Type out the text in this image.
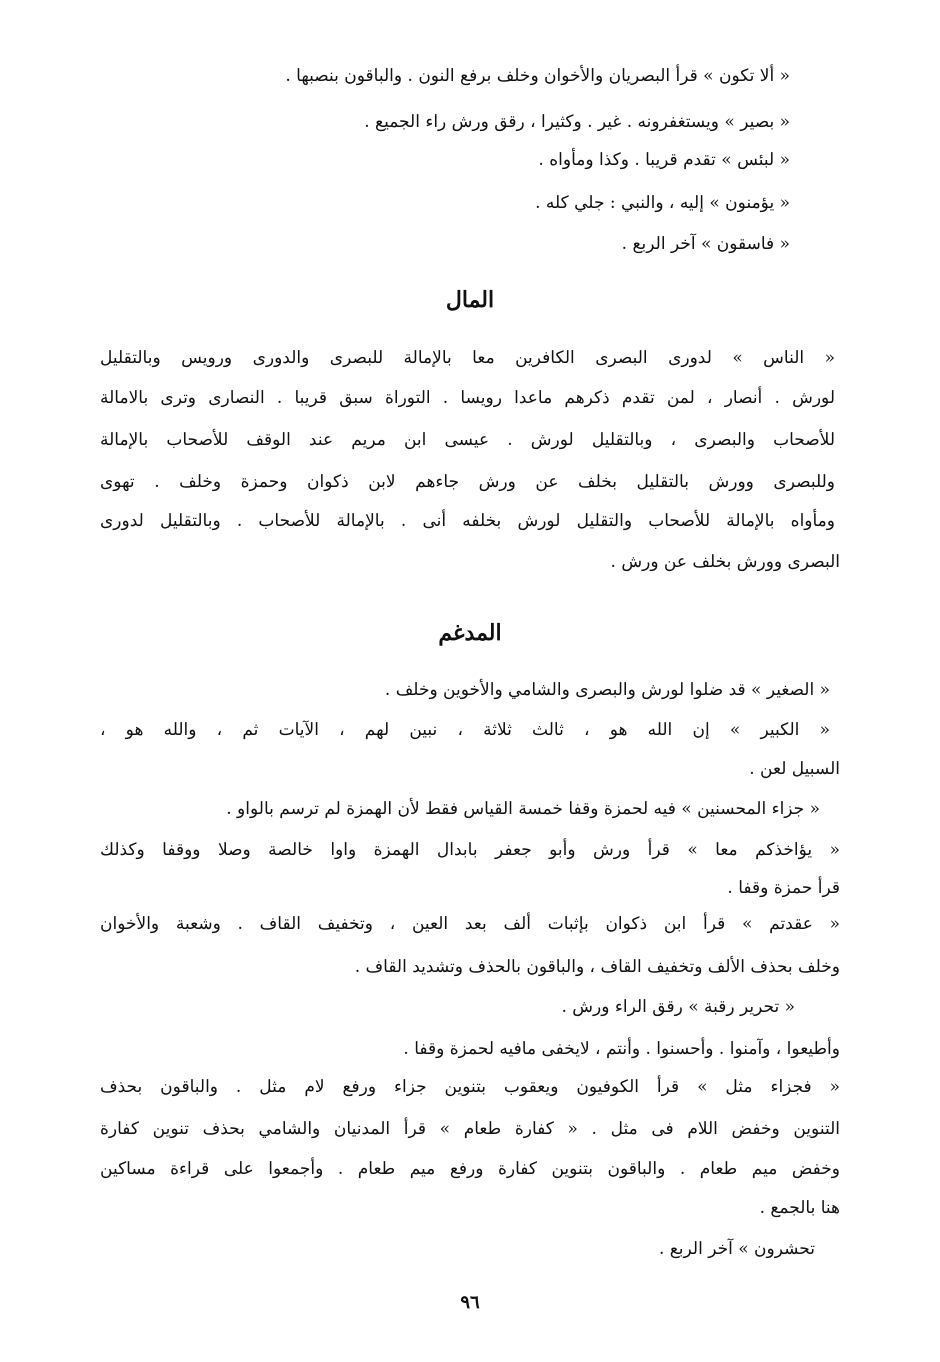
« ألا تكون » قرأ البصريان والأخوان وخلف برفع النون . والباقون بنصبها .
« بصير » ويستغفرونه . غير . وكثيرا ، رقق ورش راء الجميع .
« لبئس » تقدم قريبا . وكذا ومأواه .
« يؤمنون » إليه ، والنبي : جلي كله .
« فاسقون » آخر الربع .
المال
« الناس » لدورى البصرى الكافرين معا بالإمالة للبصرى والدورى ورويس وبالتقليل
لورش . أنصار ، لمن تقدم ذكرهم ماعدا رويسا . التوراة سبق قريبا . النصارى وترى بالامالة
للأصحاب والبصرى ، وبالتقليل لورش . عيسى ابن مريم عند الوقف للأصحاب بالإمالة
وللبصرى وورش بالتقليل بخلف عن ورش جاءهم لابن ذكوان وحمزة وخلف . تهوى
ومأواه بالإمالة للأصحاب والتقليل لورش بخلفه أنى . بالإمالة للأصحاب . وبالتقليل لدورى
البصرى وورش بخلف عن ورش .
المدغم
« الصغير » قد ضلوا لورش والبصرى والشامي والأخوين وخلف .
« الكبير » إن الله هو ، ثالث ثلاثة ، نبين لهم ، الآيات ثم ، والله هو ،
السبيل لعن .
« جزاء المحسنين » فيه لحمزة وقفا خمسة القياس فقط لأن الهمزة لم ترسم بالواو .
« يؤاخذكم معا » قرأ ورش وأبو جعفر بابدال الهمزة واوا خالصة وصلا ووقفا وكذلك
قرأ حمزة وقفا .
« عقدتم » قرأ ابن ذكوان بإثبات ألف بعد العين ، وتخفيف القاف . وشعبة والأخوان
وخلف بحذف الألف وتخفيف القاف ، والباقون بالحذف وتشديد القاف .
« تحرير رقبة » رقق الراء ورش .
وأطيعوا ، وآمنوا . وأحسنوا . وأنتم ، لايخفى مافيه لحمزة وقفا .
« فجزاء مثل » قرأ الكوفيون ويعقوب بتنوين جزاء ورفع لام مثل . والباقون بحذف
التنوين وخفض اللام فى مثل . « كفارة طعام » قرأ المدنيان والشامي بحذف تنوين كفارة
وخفض ميم طعام . والباقون بتنوين كفارة ورفع ميم طعام . وأجمعوا على قراءة مساكين
هنا بالجمع .
تحشرون » آخر الربع .
٩٦
